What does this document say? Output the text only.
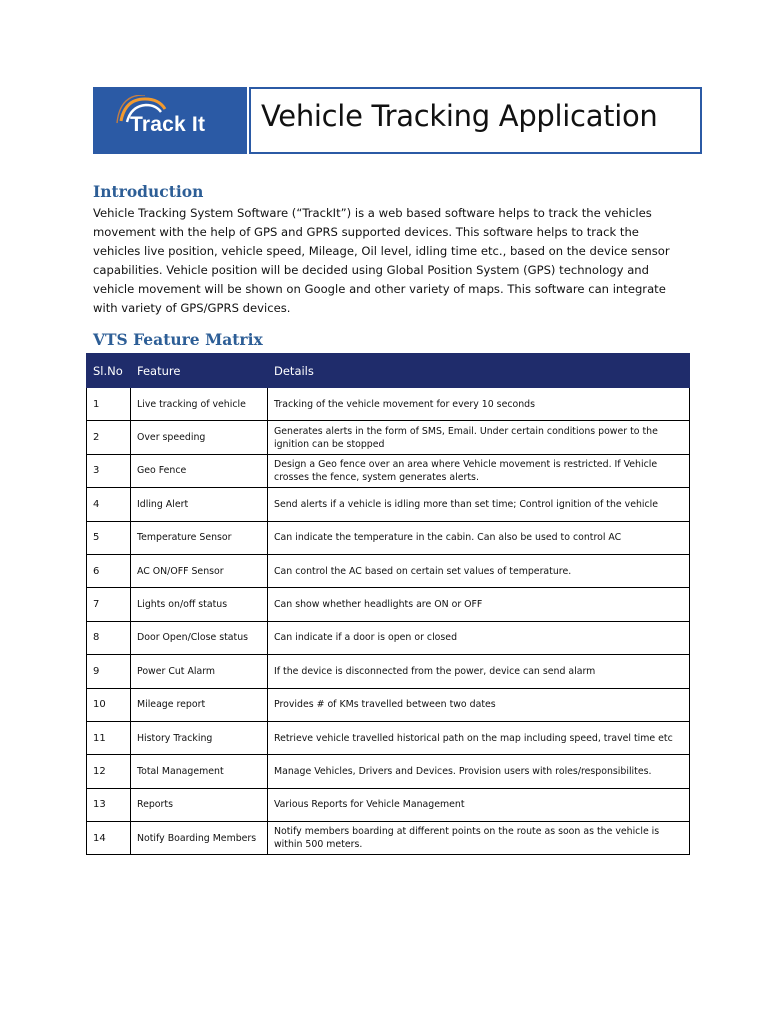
Track It Vehicle Tracking Application
Introduction
Vehicle Tracking System Software (“TrackIt”) is a web based software helps to track the vehicles
movement with the help of GPS and GPRS supported devices. This software helps to track the
vehicles live position, vehicle speed, Mileage, Oil level, idling time etc., based on the device sensor
capabilities. Vehicle position will be decided using Global Position System (GPS) technology and
vehicle movement will be shown on Google and other variety of maps. This software can integrate
with variety of GPS/GPRS devices.
VTS Feature Matrix
Sl.No	Feature	Details
1	Live tracking of vehicle	Tracking of the vehicle movement for every 10 seconds
2	Over speeding	Generates alerts in the form of SMS, Email. Under certain conditions power to the ignition can be stopped
3	Geo Fence	Design a Geo fence over an area where Vehicle movement is restricted. If Vehicle crosses the fence, system generates alerts.
4	Idling Alert	Send alerts if a vehicle is idling more than set time; Control ignition of the vehicle
5	Temperature Sensor	Can indicate the temperature in the cabin. Can also be used to control AC
6	AC ON/OFF Sensor	Can control the AC based on certain set values of temperature.
7	Lights on/off status	Can show whether headlights are ON or OFF
8	Door Open/Close status	Can indicate if a door is open or closed
9	Power Cut Alarm	If the device is disconnected from the power, device can send alarm
10	Mileage report	Provides # of KMs travelled between two dates
11	History Tracking	Retrieve vehicle travelled historical path on the map including speed, travel time etc
12	Total Management	Manage Vehicles, Drivers and Devices. Provision users with roles/responsibilites.
13	Reports	Various Reports for Vehicle Management
14	Notify Boarding Members	Notify members boarding at different points on the route as soon as the vehicle is within 500 meters.
